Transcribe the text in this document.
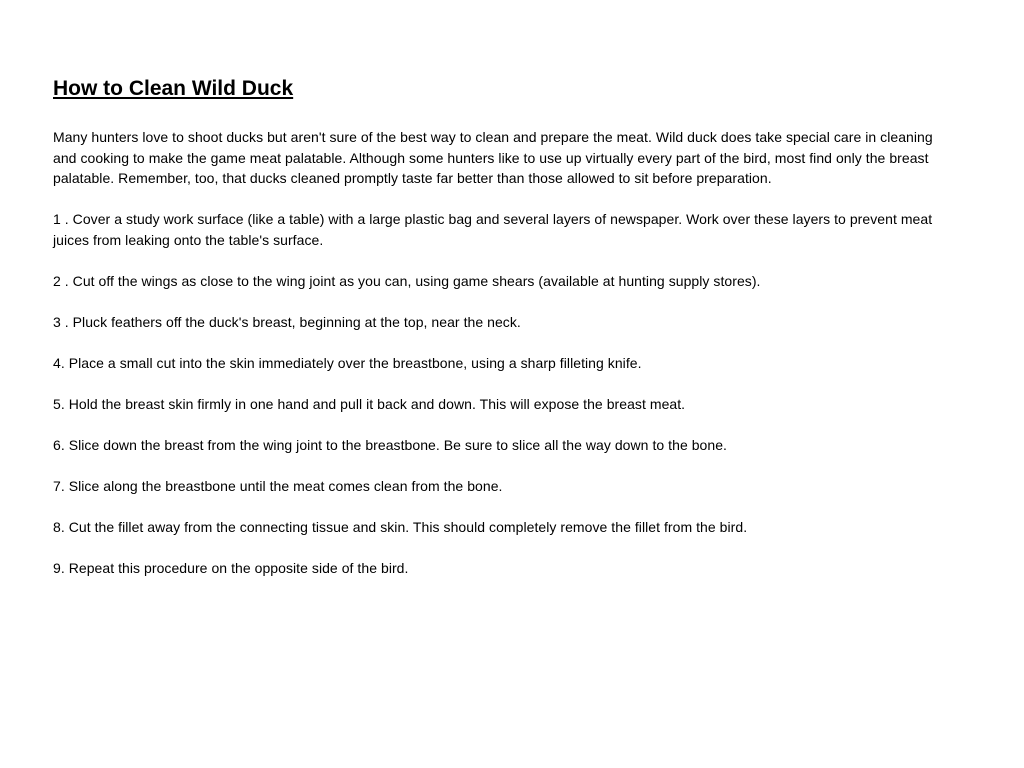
How to Clean Wild Duck

Many hunters love to shoot ducks but aren't sure of the best way to clean and prepare the meat. Wild duck does take special care in cleaning and cooking to make the game meat palatable. Although some hunters like to use up virtually every part of the bird, most find only the breast palatable. Remember, too, that ducks cleaned promptly taste far better than those allowed to sit before preparation.

1 . Cover a study work surface (like a table) with a large plastic bag and several layers of newspaper. Work over these layers to prevent meat juices from leaking onto the table's surface.

2 . Cut off the wings as close to the wing joint as you can, using game shears (available at hunting supply stores).

3 . Pluck feathers off the duck's breast, beginning at the top, near the neck.

4. Place a small cut into the skin immediately over the breastbone, using a sharp filleting knife.

5. Hold the breast skin firmly in one hand and pull it back and down. This will expose the breast meat.

6. Slice down the breast from the wing joint to the breastbone. Be sure to slice all the way down to the bone.

7. Slice along the breastbone until the meat comes clean from the bone.

8. Cut the fillet away from the connecting tissue and skin. This should completely remove the fillet from the bird.

9. Repeat this procedure on the opposite side of the bird.
